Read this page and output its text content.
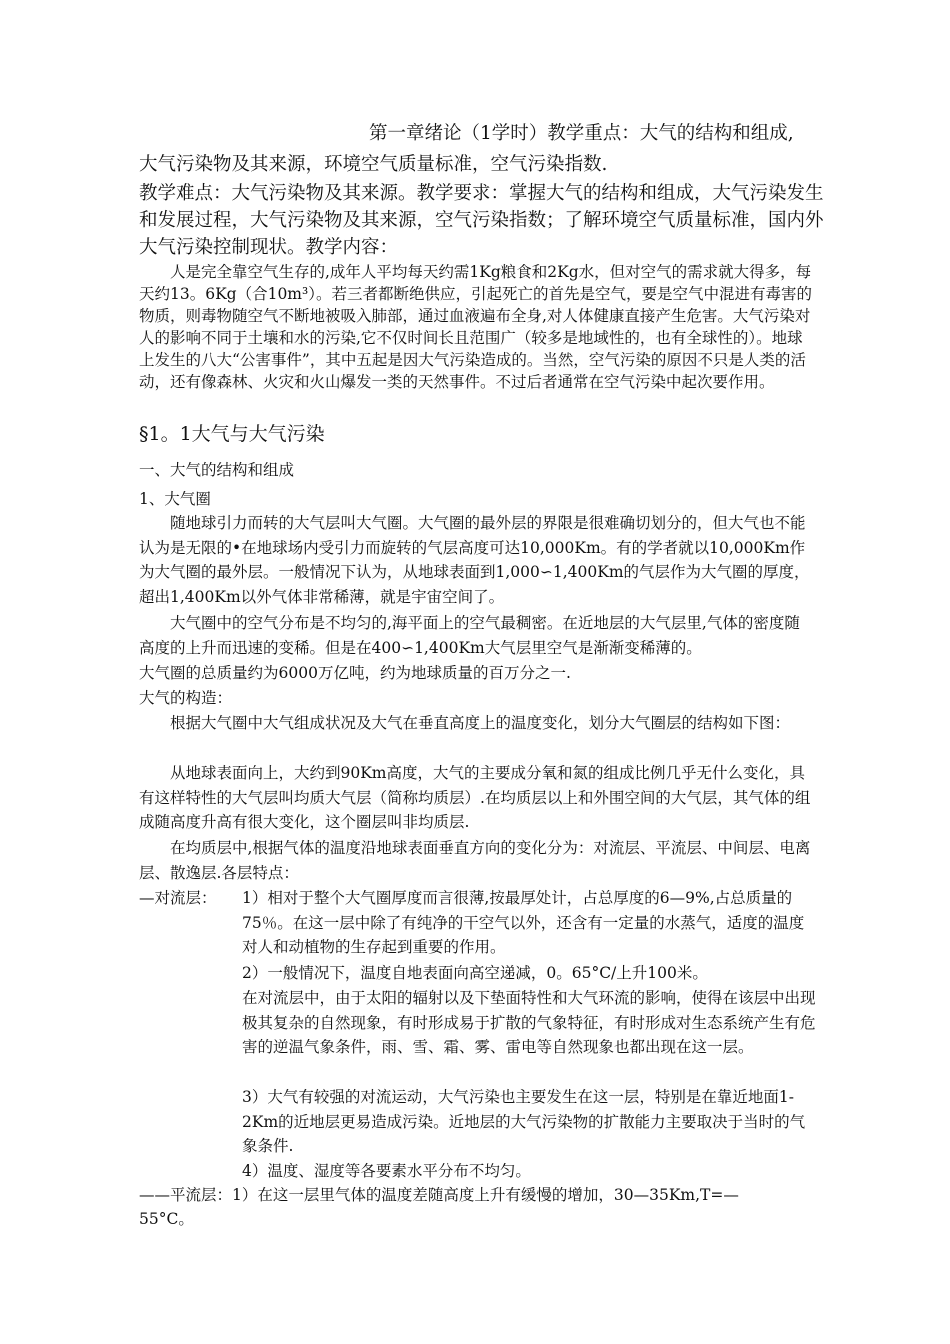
第一章绪论（1学时）教学重点：大气的结构和组成,
大气污染物及其来源，环境空气质量标准，空气污染指数.
教学难点：大气污染物及其来源。教学要求：掌握大气的结构和组成，大气污染发生和发展过程，大气污染物及其来源，空气污染指数；了解环境空气质量标准，国内外大气污染控制现状。教学内容：
人是完全靠空气生存的,成年人平均每天约需1Kg粮食和2Kg水，但对空气的需求就大得多，每天约13。6Kg（合10m³）。若三者都断绝供应，引起死亡的首先是空气，要是空气中混进有毒害的物质，则毒物随空气不断地被吸入肺部，通过血液遍布全身,对人体健康直接产生危害。大气污染对人的影响不同于土壤和水的污染,它不仅时间长且范围广（较多是地域性的，也有全球性的）。地球上发生的八大“公害事件”，其中五起是因大气污染造成的。当然，空气污染的原因不只是人类的活动，还有像森林、火灾和火山爆发一类的天然事件。不过后者通常在空气污染中起次要作用。
§1。1大气与大气污染
一、大气的结构和组成
1、大气圈
随地球引力而转的大气层叫大气圈。大气圈的最外层的界限是很难确切划分的，但大气也不能认为是无限的•在地球场内受引力而旋转的气层高度可达10,000Km。有的学者就以10,000Km作为大气圈的最外层。一般情况下认为，从地球表面到1,000∽1,400Km的气层作为大气圈的厚度，超出1,400Km以外气体非常稀薄，就是宇宙空间了。
大气圈中的空气分布是不均匀的,海平面上的空气最稠密。在近地层的大气层里,气体的密度随高度的上升而迅速的变稀。但是在400∽1,400Km大气层里空气是渐渐变稀薄的。
大气圈的总质量约为6000万亿吨，约为地球质量的百万分之一.
大气的构造：
根据大气圈中大气组成状况及大气在垂直高度上的温度变化，划分大气圈层的结构如下图：
从地球表面向上，大约到90Km高度，大气的主要成分氧和氮的组成比例几乎无什么变化，具有这样特性的大气层叫均质大气层（简称均质层）.在均质层以上和外围空间的大气层，其气体的组成随高度升高有很大变化，这个圈层叫非均质层.
在均质层中,根据气体的温度沿地球表面垂直方向的变化分为：对流层、平流层、中间层、电离层、散逸层.各层特点：
—对流层：	1）相对于整个大气圈厚度而言很薄,按最厚处计，占总厚度的6—9%,占总质量的75％。在这一层中除了有纯净的干空气以外，还含有一定量的水蒸气，适度的温度对人和动植物的生存起到重要的作用。
2）一般情况下，温度自地表面向高空递减，0。65°C/上升100米。
在对流层中，由于太阳的辐射以及下垫面特性和大气环流的影响，使得在该层中出现极其复杂的自然现象，有时形成易于扩散的气象特征，有时形成对生态系统产生有危害的逆温气象条件，雨、雪、霜、雾、雷电等自然现象也都出现在这一层。
3）大气有较强的对流运动，大气污染也主要发生在这一层，特别是在靠近地面1-2Km的近地层更易造成污染。近地层的大气污染物的扩散能力主要取决于当时的气象条件.
4）温度、湿度等各要素水平分布不均匀。
——平流层：1）在这一层里气体的温度差随高度上升有缓慢的增加，30—35Km,T=—
55°C。
